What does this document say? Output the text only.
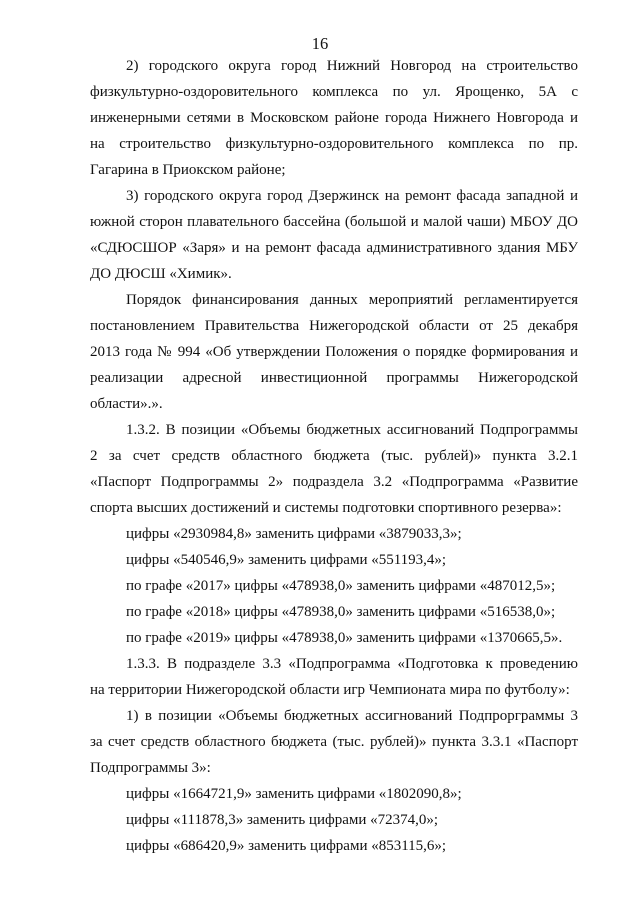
16
2) городского округа город Нижний Новгород на строительство
физкультурно-оздоровительного комплекса по ул. Ярощенко, 5А с
инженерными сетями в Московском районе города Нижнего Новгорода и
на строительство физкультурно-оздоровительного комплекса по пр.
Гагарина в Приокском районе;
3) городского округа город Дзержинск на ремонт фасада западной и
южной сторон плавательного бассейна (большой и малой чаши) МБОУ ДО
«СДЮСШОР «Заря» и на ремонт фасада административного здания МБУ
ДО ДЮСШ «Химик».
Порядок финансирования данных мероприятий регламентируется
постановлением Правительства Нижегородской области от 25 декабря
2013 года № 994 «Об утверждении Положения о порядке формирования и
реализации адресной инвестиционной программы Нижегородской
области».».
1.3.2. В позиции «Объемы бюджетных ассигнований Подпрограммы
2 за счет средств областного бюджета (тыс. рублей)» пункта 3.2.1
«Паспорт Подпрограммы 2» подраздела 3.2 «Подпрограмма «Развитие
спорта высших достижений и системы подготовки спортивного резерва»:
цифры «2930984,8» заменить цифрами «3879033,3»;
цифры «540546,9» заменить цифрами «551193,4»;
по графе «2017» цифры «478938,0» заменить цифрами «487012,5»;
по графе «2018» цифры «478938,0» заменить цифрами «516538,0»;
по графе «2019» цифры «478938,0» заменить цифрами «1370665,5».
1.3.3. В подразделе 3.3 «Подпрограмма «Подготовка к проведению
на территории Нижегородской области игр Чемпионата мира по футболу»:
1) в позиции «Объемы бюджетных ассигнований Подпрорграммы 3
за счет средств областного бюджета (тыс. рублей)» пункта 3.3.1 «Паспорт
Подпрограммы 3»:
цифры «1664721,9» заменить цифрами «1802090,8»;
цифры «111878,3» заменить цифрами «72374,0»;
цифры «686420,9» заменить цифрами «853115,6»;
